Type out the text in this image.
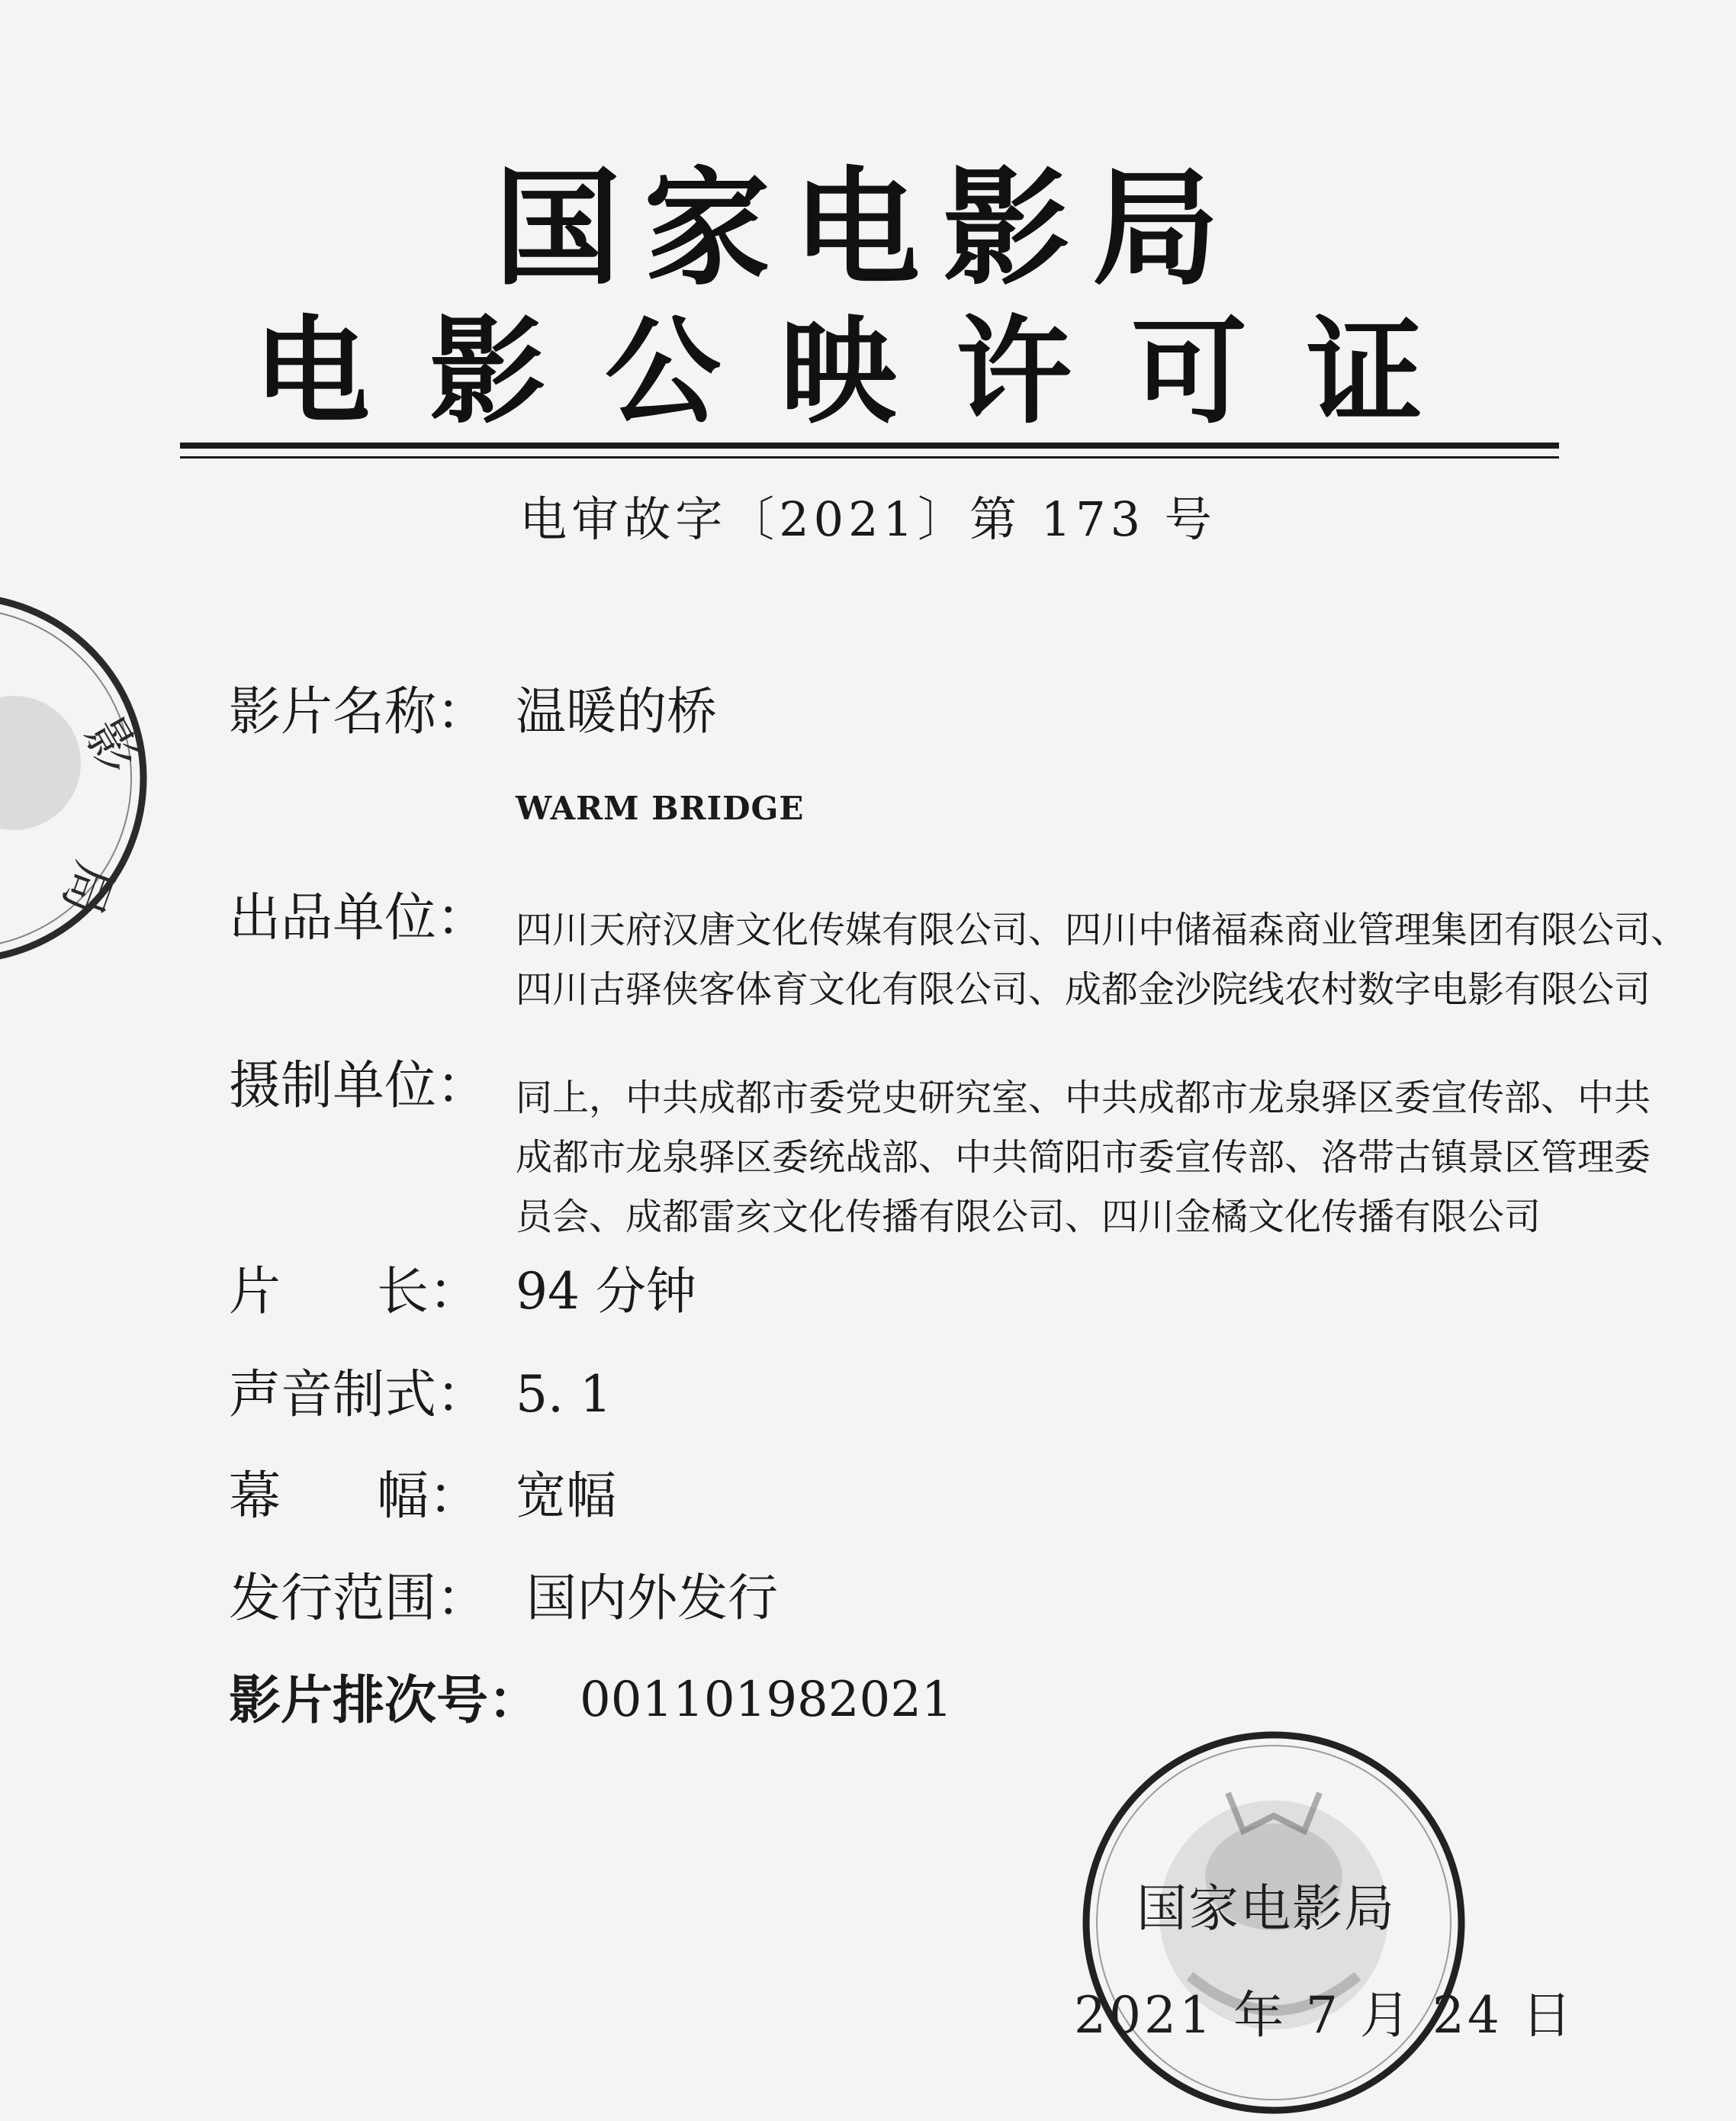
国家电影局
电影公映许可证
电审故字〔2021〕第 173 号
影片名称： 温暖的桥
WARM BRIDGE
出品单位： 四川天府汉唐文化传媒有限公司、四川中储福森商业管理集团有限公司、
四川古驿侠客体育文化有限公司、成都金沙院线农村数字电影有限公司
摄制单位： 同上，中共成都市委党史研究室、中共成都市龙泉驿区委宣传部、中共
成都市龙泉驿区委统战部、中共简阳市委宣传部、洛带古镇景区管理委
员会、成都雷亥文化传播有限公司、四川金橘文化传播有限公司
片 长： 94 分钟
声音制式： 5. 1
幕 幅： 宽幅
发行范围： 国内外发行
影片排次号： 001101982021
影
局
国家电影局
2021 年 7 月 24 日
